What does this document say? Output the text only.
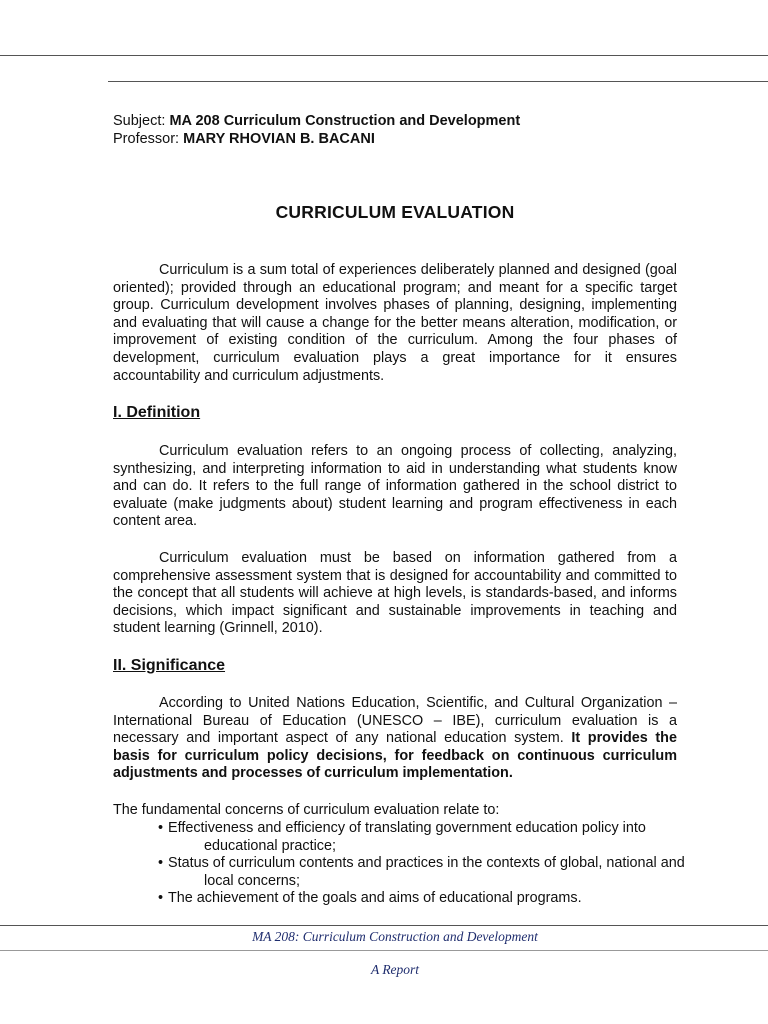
Subject: MA 208 Curriculum Construction and Development
Professor: MARY RHOVIAN B. BACANI
CURRICULUM EVALUATION

Curriculum is a sum total of experiences deliberately planned and designed (goal oriented); provided through an educational program; and meant for a specific target group. Curriculum development involves phases of planning, designing, implementing and evaluating that will cause a change for the better means alteration, modification, or improvement of existing condition of the curriculum. Among the four phases of development, curriculum evaluation plays a great importance for it ensures accountability and curriculum adjustments.

I. Definition

Curriculum evaluation refers to an ongoing process of collecting, analyzing, synthesizing, and interpreting information to aid in understanding what students know and can do. It refers to the full range of information gathered in the school district to evaluate (make judgments about) student learning and program effectiveness in each content area.

Curriculum evaluation must be based on information gathered from a comprehensive assessment system that is designed for accountability and committed to the concept that all students will achieve at high levels, is standards-based, and informs decisions, which impact significant and sustainable improvements in teaching and student learning (Grinnell, 2010).

II. Significance

According to United Nations Education, Scientific, and Cultural Organization – International Bureau of Education (UNESCO – IBE), curriculum evaluation is a necessary and important aspect of any national education system. It provides the basis for curriculum policy decisions, for feedback on continuous curriculum adjustments and processes of curriculum implementation.

The fundamental concerns of curriculum evaluation relate to:

• Effectiveness and efficiency of translating government education policy into educational practice;
• Status of curriculum contents and practices in the contexts of global, national and local concerns;
• The achievement of the goals and aims of educational programs.
MA 208: Curriculum Construction and Development
A Report
